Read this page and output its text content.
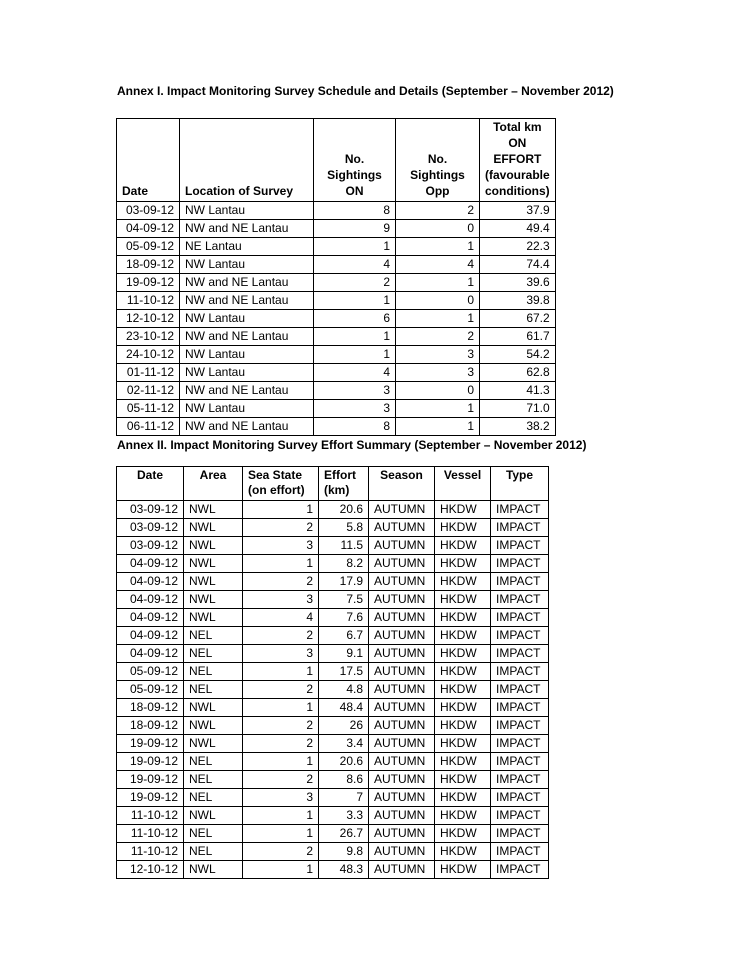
Annex I. Impact Monitoring Survey Schedule and Details (September – November 2012)
Date	Location of Survey	No. Sightings ON	No. Sightings Opp	Total km ON EFFORT (favourable conditions)
03-09-12	NW Lantau	8	2	37.9
04-09-12	NW and NE Lantau	9	0	49.4
05-09-12	NE Lantau	1	1	22.3
18-09-12	NW Lantau	4	4	74.4
19-09-12	NW and NE Lantau	2	1	39.6
11-10-12	NW and NE Lantau	1	0	39.8
12-10-12	NW Lantau	6	1	67.2
23-10-12	NW and NE Lantau	1	2	61.7
24-10-12	NW Lantau	1	3	54.2
01-11-12	NW Lantau	4	3	62.8
02-11-12	NW and NE Lantau	3	0	41.3
05-11-12	NW Lantau	3	1	71.0
06-11-12	NW and NE Lantau	8	1	38.2
Annex II. Impact Monitoring Survey Effort Summary (September – November 2012)
Date	Area	Sea State (on effort)	Effort (km)	Season	Vessel	Type
03-09-12	NWL	1	20.6	AUTUMN	HKDW	IMPACT
03-09-12	NWL	2	5.8	AUTUMN	HKDW	IMPACT
03-09-12	NWL	3	11.5	AUTUMN	HKDW	IMPACT
04-09-12	NWL	1	8.2	AUTUMN	HKDW	IMPACT
04-09-12	NWL	2	17.9	AUTUMN	HKDW	IMPACT
04-09-12	NWL	3	7.5	AUTUMN	HKDW	IMPACT
04-09-12	NWL	4	7.6	AUTUMN	HKDW	IMPACT
04-09-12	NEL	2	6.7	AUTUMN	HKDW	IMPACT
04-09-12	NEL	3	9.1	AUTUMN	HKDW	IMPACT
05-09-12	NEL	1	17.5	AUTUMN	HKDW	IMPACT
05-09-12	NEL	2	4.8	AUTUMN	HKDW	IMPACT
18-09-12	NWL	1	48.4	AUTUMN	HKDW	IMPACT
18-09-12	NWL	2	26	AUTUMN	HKDW	IMPACT
19-09-12	NWL	2	3.4	AUTUMN	HKDW	IMPACT
19-09-12	NEL	1	20.6	AUTUMN	HKDW	IMPACT
19-09-12	NEL	2	8.6	AUTUMN	HKDW	IMPACT
19-09-12	NEL	3	7	AUTUMN	HKDW	IMPACT
11-10-12	NWL	1	3.3	AUTUMN	HKDW	IMPACT
11-10-12	NEL	1	26.7	AUTUMN	HKDW	IMPACT
11-10-12	NEL	2	9.8	AUTUMN	HKDW	IMPACT
12-10-12	NWL	1	48.3	AUTUMN	HKDW	IMPACT
